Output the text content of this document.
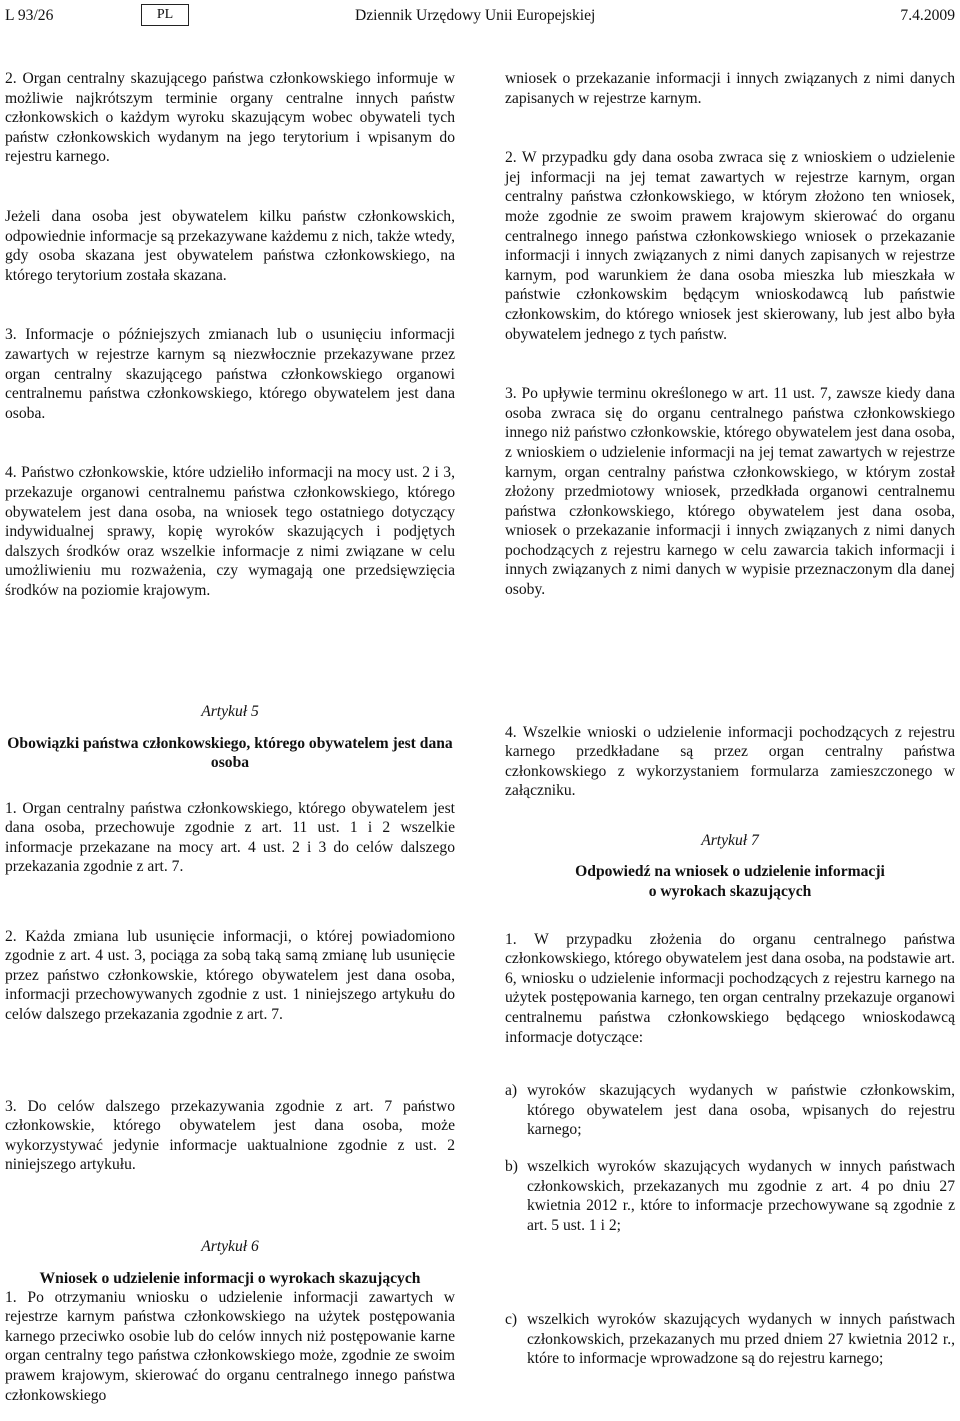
L 93/26	PL	Dziennik Urzędowy Unii Europejskiej	7.4.2009

2. Organ centralny skazującego państwa członkowskiego informuje w możliwie najkrótszym terminie organy centralne innych państw członkowskich o każdym wyroku skazującym wobec obywateli tych państw członkowskich wydanym na jego terytorium i wpisanym do rejestru karnego.

Jeżeli dana osoba jest obywatelem kilku państw członkowskich, odpowiednie informacje są przekazywane każdemu z nich, także wtedy, gdy osoba skazana jest obywatelem państwa członkowskiego, na którego terytorium została skazana.

3. Informacje o późniejszych zmianach lub o usunięciu informacji zawartych w rejestrze karnym są niezwłocznie przekazywane przez organ centralny skazującego państwa członkowskiego organowi centralnemu państwa członkowskiego, którego obywatelem jest dana osoba.

4. Państwo członkowskie, które udzieliło informacji na mocy ust. 2 i 3, przekazuje organowi centralnemu państwa członkowskiego, którego obywatelem jest dana osoba, na wniosek tego ostatniego dotyczący indywidualnej sprawy, kopię wyroków skazujących i podjętych dalszych środków oraz wszelkie informacje z nimi związane w celu umożliwieniu mu rozważenia, czy wymagają one przedsięwzięcia środków na poziomie krajowym.

wniosek o przekazanie informacji i innych związanych z nimi danych zapisanych w rejestrze karnym.

2. W przypadku gdy dana osoba zwraca się z wnioskiem o udzielenie jej informacji na jej temat zawartych w rejestrze karnym, organ centralny państwa członkowskiego, w którym złożono ten wniosek, może zgodnie ze swoim prawem krajowym skierować do organu centralnego innego państwa członkowskiego wniosek o przekazanie informacji i innych związanych z nimi danych zapisanych w rejestrze karnym, pod warunkiem że dana osoba mieszka lub mieszkała w państwie członkowskim będącym wnioskodawcą lub państwie członkowskim, do którego wniosek jest skierowany, lub jest albo była obywatelem jednego z tych państw.

3. Po upływie terminu określonego w art. 11 ust. 7, zawsze kiedy dana osoba zwraca się do organu centralnego państwa członkowskiego innego niż państwo członkowskie, którego obywatelem jest dana osoba, z wnioskiem o udzielenie informacji na jej temat zawartych w rejestrze karnym, organ centralny państwa członkowskiego, w którym został złożony przedmiotowy wniosek, przedkłada organowi centralnemu państwa członkowskiego, którego obywatelem jest dana osoba, wniosek o przekazanie informacji i innych związanych z nimi danych pochodzących z rejestru karnego w celu zawarcia takich informacji i innych związanych z nimi danych w wypisie przeznaczonym dla danej osoby.

Artykuł 5

Obowiązki państwa członkowskiego, którego obywatelem jest dana osoba

1. Organ centralny państwa członkowskiego, którego obywatelem jest dana osoba, przechowuje zgodnie z art. 11 ust. 1 i 2 wszelkie informacje przekazane na mocy art. 4 ust. 2 i 3 do celów dalszego przekazania zgodnie z art. 7.

2. Każda zmiana lub usunięcie informacji, o której powiadomiono zgodnie z art. 4 ust. 3, pociąga za sobą taką samą zmianę lub usunięcie przez państwo członkowskie, którego obywatelem jest dana osoba, informacji przechowywanych zgodnie z ust. 1 niniejszego artykułu do celów dalszego przekazania zgodnie z art. 7.

3. Do celów dalszego przekazywania zgodnie z art. 7 państwo członkowskie, którego obywatelem jest dana osoba, może wykorzystywać jedynie informacje uaktualnione zgodnie z ust. 2 niniejszego artykułu.

Artykuł 6

Wniosek o udzielenie informacji o wyrokach skazujących

1. Po otrzymaniu wniosku o udzielenie informacji zawartych w rejestrze karnym państwa członkowskiego na użytek postępowania karnego przeciwko osobie lub do celów innych niż postępowanie karne organ centralny tego państwa członkowskiego może, zgodnie ze swoim prawem krajowym, skierować do organu centralnego innego państwa członkowskiego

4. Wszelkie wnioski o udzielenie informacji pochodzących z rejestru karnego przedkładane są przez organ centralny państwa członkowskiego z wykorzystaniem formularza zamieszczonego w załączniku.

Artykuł 7

Odpowiedź na wniosek o udzielenie informacji

o wyrokach skazujących

1. W przypadku złożenia do organu centralnego państwa członkowskiego, którego obywatelem jest dana osoba, na podstawie art. 6, wniosku o udzielenie informacji pochodzących z rejestru karnego na użytek postępowania karnego, ten organ centralny przekazuje organowi centralnemu państwa członkowskiego będącego wnioskodawcą informacje dotyczące:

a) wyroków skazujących wydanych w państwie członkowskim, którego obywatelem jest dana osoba, wpisanych do rejestru karnego;
b) wszelkich wyroków skazujących wydanych w innych państwach członkowskich, przekazanych mu zgodnie z art. 4 po dniu 27 kwietnia 2012 r., które to informacje przechowywane są zgodnie z art. 5 ust. 1 i 2;
c) wszelkich wyroków skazujących wydanych w innych państwach członkowskich, przekazanych mu przed dniem 27 kwietnia 2012 r., które to informacje wprowadzone są do rejestru karnego;
